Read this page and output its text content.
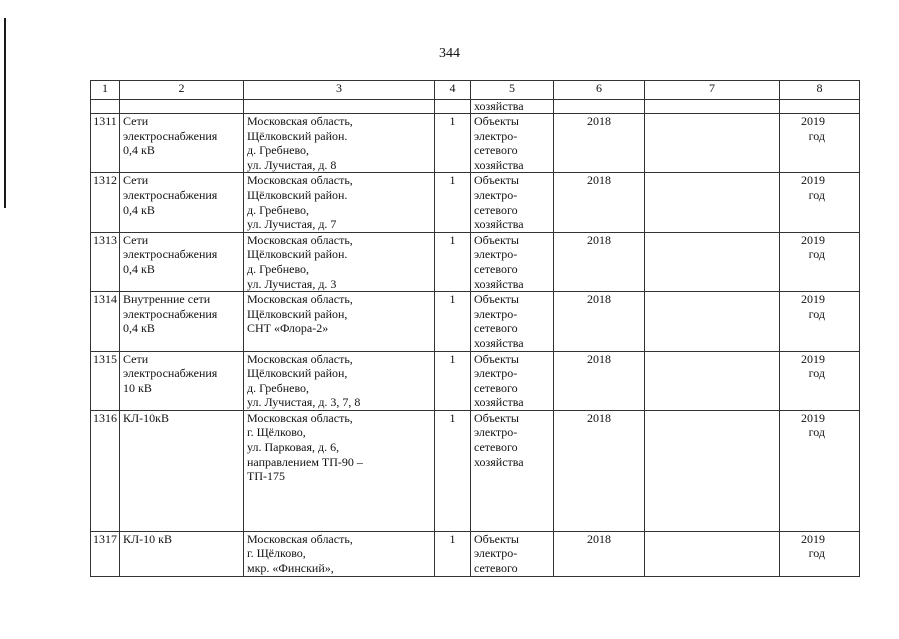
344
1	2	3	4	5	6	7	8

				хозяйства			

1311	Сети
электроснабжения
0,4 кВ	Московская область,
Щёлковский район.
д. Гребнево,
ул. Лучистая, д. 8	1	Объекты
электро-
сетевого
хозяйства	2018		2019 год
1312	Сети
электроснабжения
0,4 кВ	Московская область,
Щёлковский район.
д. Гребнево,
ул. Лучистая, д. 7	1	Объекты
электро-
сетевого
хозяйства	2018		2019 год
1313	Сети
электроснабжения
0,4 кВ	Московская область,
Щёлковский район.
д. Гребнево,
ул. Лучистая, д. 3	1	Объекты
электро-
сетевого
хозяйства	2018		2019 год
1314	Внутренние сети
электроснабжения
0,4 кВ	Московская область,
Щёлковский район,
СНТ «Флора-2»	1	Объекты
электро-
сетевого
хозяйства	2018		2019 год
1315	Сети
электроснабжения
10 кВ	Московская область,
Щёлковский район,
д. Гребнево,
ул. Лучистая, д. 3, 7, 8	1	Объекты
электро-
сетевого
хозяйства	2018		2019 год
1316	КЛ-10кВ	Московская область,
г. Щёлково,
ул. Парковая, д. 6,
направлением ТП-90 –
ТП-175	1	Объекты
электро-
сетевого
хозяйства	2018		2019 год
1317	КЛ-10 кВ	Московская область,
г. Щёлково,
мкр. «Финский»,	1	Объекты
электро-
сетевого	2018		2019 год
